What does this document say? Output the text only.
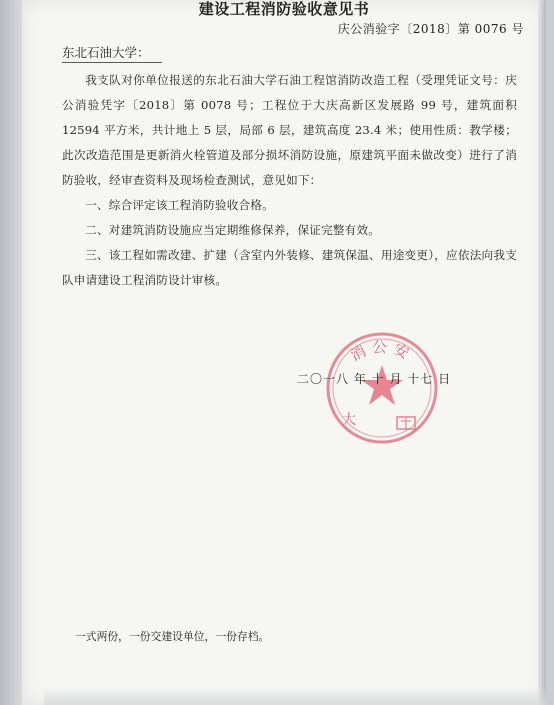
建设工程消防验收意见书
庆公消验字〔2018〕第 0076 号
东北石油大学：

我支队对你单位报送的东北石油大学石油工程馆消防改造工程（受理凭证文号：庆公消验凭字〔2018〕第 0078 号；工程位于大庆高新区发展路 99 号，建筑面积 12594 平方米，共计地上 5 层，局部 6 层，建筑高度 23.4 米；使用性质：教学楼；此次改造范围是更新消火栓管道及部分损坏消防设施，原建筑平面未做改变）进行了消防验收，经审查资料及现场检查测试，意见如下：

一、综合评定该工程消防验收合格。

二、对建筑消防设施应当定期维修保养，保证完整有效。

三、该工程如需改建、扩建（含室内外装修、建筑保温、用途变更），应依法向我支队申请建设工程消防设计审核。

消公安
大
二〇一八 年 十 月 十七 日
一式两份，一份交建设单位，一份存档。
